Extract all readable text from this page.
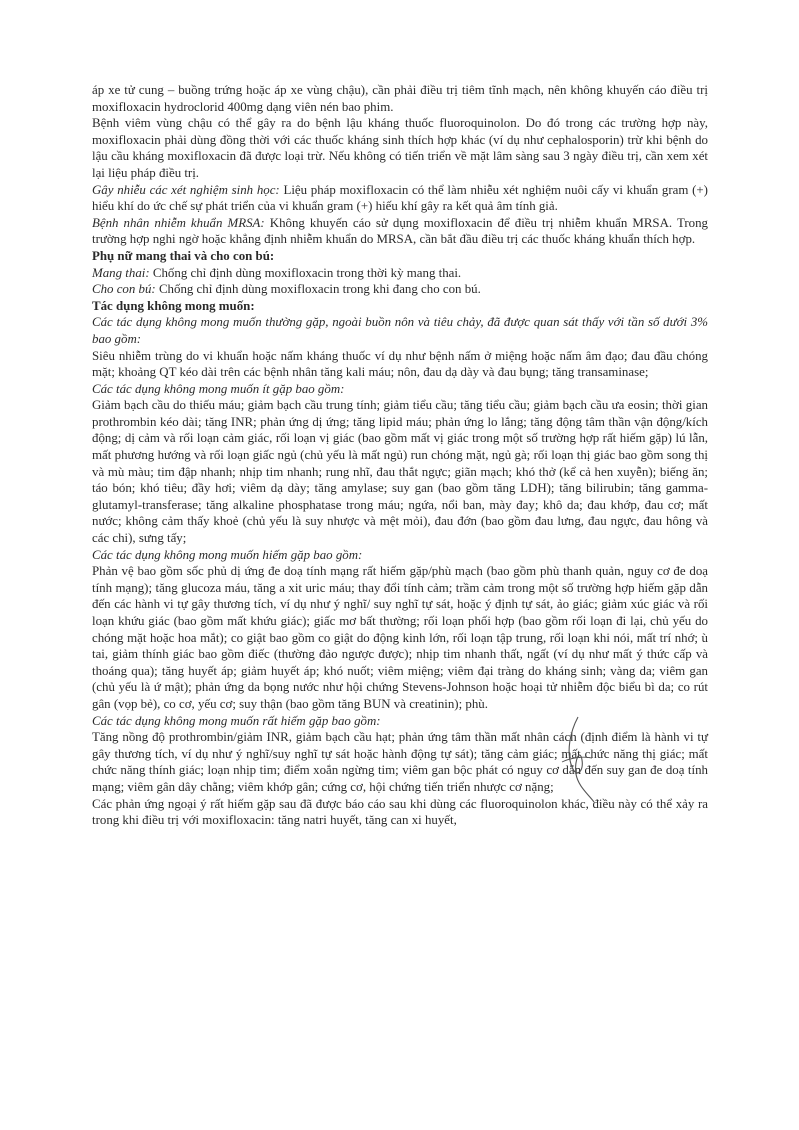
áp xe tử cung – buồng trứng hoặc áp xe vùng chậu), cần phải điều trị tiêm tĩnh mạch, nên không khuyến cáo điều trị moxifloxacin hydroclorid 400mg dạng viên nén bao phim.

Bệnh viêm vùng chậu có thể gây ra do bệnh lậu kháng thuốc fluoroquinolon. Do đó trong các trường hợp này, moxifloxacin phải dùng đồng thời với các thuốc kháng sinh thích hợp khác (ví dụ như cephalosporin) trừ khi bệnh do lậu cầu kháng moxifloxacin đã được loại trừ. Nếu không có tiến triển về mặt lâm sàng sau 3 ngày điều trị, cần xem xét lại liệu pháp điều trị.

Gây nhiễu các xét nghiệm sinh học: Liệu pháp moxifloxacin có thể làm nhiễu xét nghiệm nuôi cấy vi khuẩn gram (+) hiểu khí do ức chế sự phát triển của vi khuẩn gram (+) hiếu khí gây ra kết quả âm tính giả.

Bệnh nhân nhiễm khuẩn MRSA: Không khuyến cáo sử dụng moxifloxacin để điều trị nhiễm khuẩn MRSA. Trong trường hợp nghi ngờ hoặc khẳng định nhiễm khuẩn do MRSA, cần bắt đầu điều trị các thuốc kháng khuẩn thích hợp.

Phụ nữ mang thai và cho con bú:

Mang thai: Chống chỉ định dùng moxifloxacin trong thời kỳ mang thai.

Cho con bú: Chống chỉ định dùng moxifloxacin trong khi đang cho con bú.

Tác dụng không mong muốn:

Các tác dụng không mong muốn thường gặp, ngoài buồn nôn và tiêu chảy, đã được quan sát thấy với tần số dưới 3% bao gồm:

Siêu nhiễm trùng do vi khuẩn hoặc nấm kháng thuốc ví dụ như bệnh nấm ở miệng hoặc nấm âm đạo; đau đầu chóng mặt; khoảng QT kéo dài trên các bệnh nhân tăng kali máu; nôn, đau dạ dày và đau bụng; tăng transaminase;

Các tác dụng không mong muốn ít gặp bao gồm:

Giảm bạch cầu do thiếu máu; giảm bạch cầu trung tính; giảm tiểu cầu; tăng tiểu cầu; giảm bạch cầu ưa eosin; thời gian prothrombin kéo dài; tăng INR; phản ứng dị ứng; tăng lipid máu; phản ứng lo lắng; tăng động tâm thần vận động/kích động; dị cảm và rối loạn cảm giác, rối loạn vị giác (bao gồm mất vị giác trong một số trường hợp rất hiếm gặp) lú lẫn, mất phương hướng và rối loạn giấc ngủ (chủ yếu là mất ngủ) run chóng mặt, ngủ gà; rối loạn thị giác bao gồm song thị và mù màu; tim đập nhanh; nhịp tim nhanh; rung nhĩ, đau thắt ngực; giãn mạch; khó thở (kể cả hen xuyễn); biếng ăn; táo bón; khó tiêu; đầy hơi; viêm dạ dày; tăng amylase; suy gan (bao gồm tăng LDH); tăng bilirubin; tăng gamma-glutamyl-transferase; tăng alkaline phosphatase trong máu; ngứa, nổi ban, mày đay; khô da; đau khớp, đau cơ; mất nước; không cảm thấy khoẻ (chủ yếu là suy nhược và mệt mỏi), đau đớn (bao gồm đau lưng, đau ngực, đau hông và các chi), sưng tấy;

Các tác dụng không mong muốn hiếm gặp bao gồm:

Phản vệ bao gồm sốc phủ dị ứng đe doạ tính mạng rất hiếm gặp/phù mạch (bao gồm phù thanh quản, nguy cơ đe doạ tính mạng); tăng glucoza máu, tăng a xit uric máu; thay đổi tính cảm; trầm cảm trong một số trường hợp hiếm gặp dẫn đến các hành vi tự gây thương tích, ví dụ như ý nghĩ/ suy nghĩ tự sát, hoặc ý định tự sát, ảo giác; giảm xúc giác và rối loạn khứu giác (bao gồm mất khứu giác); giấc mơ bất thường; rối loạn phối hợp (bao gồm rối loạn đi lại, chủ yếu do chóng mặt hoặc hoa mắt); co giật bao gồm co giật do động kinh lớn, rối loạn tập trung, rối loạn khi nói, mất trí nhớ; ù tai, giảm thính giác bao gồm điếc (thường đảo ngược được); nhịp tim nhanh thất, ngất (ví dụ như mất ý thức cấp và thoáng qua); tăng huyết áp; giảm huyết áp; khó nuốt; viêm miệng; viêm đại tràng do kháng sinh; vàng da; viêm gan (chủ yếu là ứ mật); phản ứng da bọng nước như hội chứng Stevens-Johnson hoặc hoại tử nhiễm độc biểu bì da; co rút gân (vọp bẻ), co cơ, yếu cơ; suy thận (bao gồm tăng BUN và creatinin); phù.

Các tác dụng không mong muốn rất hiếm gặp bao gồm:

Tăng nồng độ prothrombin/giảm INR, giảm bạch cầu hạt; phản ứng tâm thần mất nhân cách (định điểm là hành vi tự gây thương tích, ví dụ như ý nghĩ/suy nghĩ tự sát hoặc hành động tự sát); tăng cảm giác; mất chức năng thị giác; mất chức năng thính giác; loạn nhịp tim; điểm xoắn ngừng tim; viêm gan bộc phát có nguy cơ dẫn đến suy gan đe doạ tính mạng; viêm gân dây chằng; viêm khớp gân; cứng cơ, hội chứng tiến triển nhược cơ nặng;

Các phản ứng ngoại ý rất hiếm gặp sau đã được báo cáo sau khi dùng các fluoroquinolon khác, điều này có thể xảy ra trong khi điều trị với moxifloxacin: tăng natri huyết, tăng can xi huyết,
